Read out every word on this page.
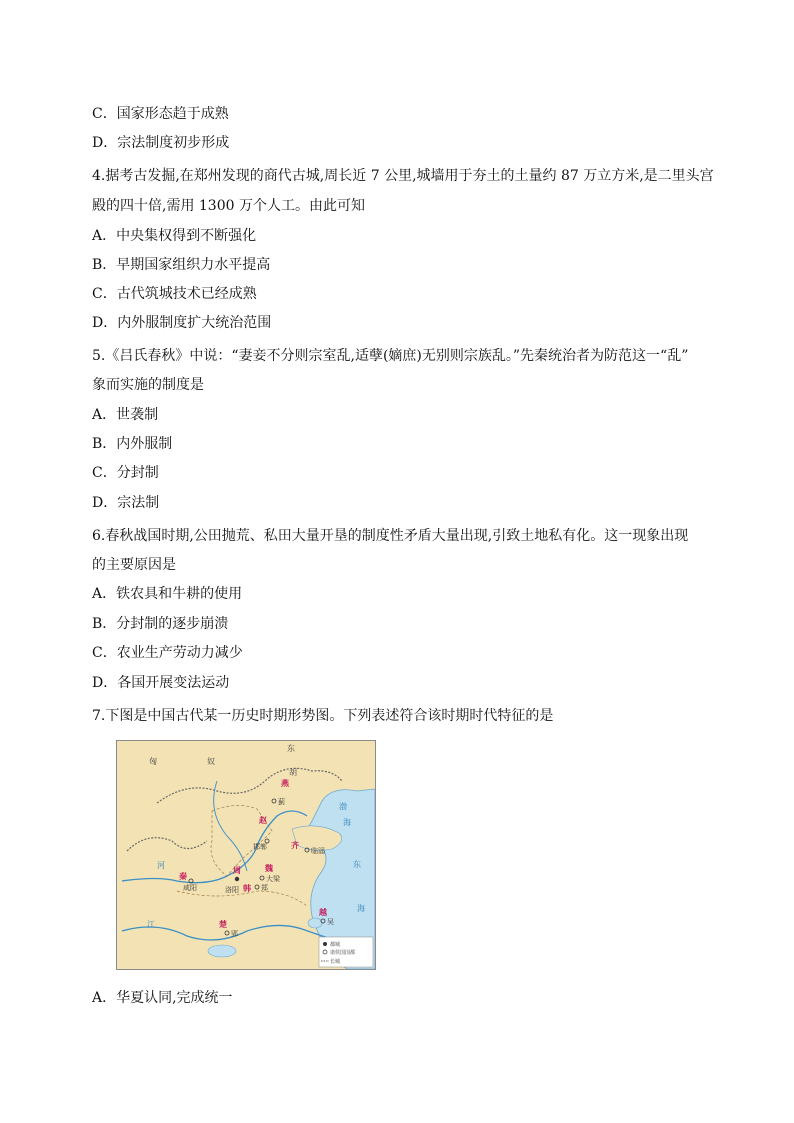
C．国家形态趋于成熟
D．宗法制度初步形成
4.据考古发掘,在郑州发现的商代古城,周长近 7 公里,城墙用于夯土的土量约 87 万立方米,是二里头宫
殿的四十倍,需用 1300 万个人工。由此可知
A．中央集权得到不断强化
B．早期国家组织力水平提高
C．古代筑城技术已经成熟
D．内外服制度扩大统治范围
5.《吕氏春秋》中说：“妻妾不分则宗室乱,适孽(嫡庶)无别则宗族乱。”先秦统治者为防范这一“乱”
象而实施的制度是
A．世袭制
B．内外服制
C．分封制
D．宗法制
6.春秋战国时期,公田抛荒、私田大量开垦的制度性矛盾大量出现,引致土地私有化。这一现象出现
的主要原因是
A．铁农具和牛耕的使用
B．分封制的逐步崩溃
C．农业生产劳动力减少
D．各国开展变法运动
7.下图是中国古代某一历史时期形势图。下列表述符合该时期时代特征的是
匈	奴
东
胡
燕
赵
齐
魏
周
韩
秦
楚
越
蓟
邯郸	临淄
大梁
郑
洛阳
咸阳
郢
吴
渤
海
东
海
河
江
都城
诸侯国国都
长城
A．华夏认同,完成统一
